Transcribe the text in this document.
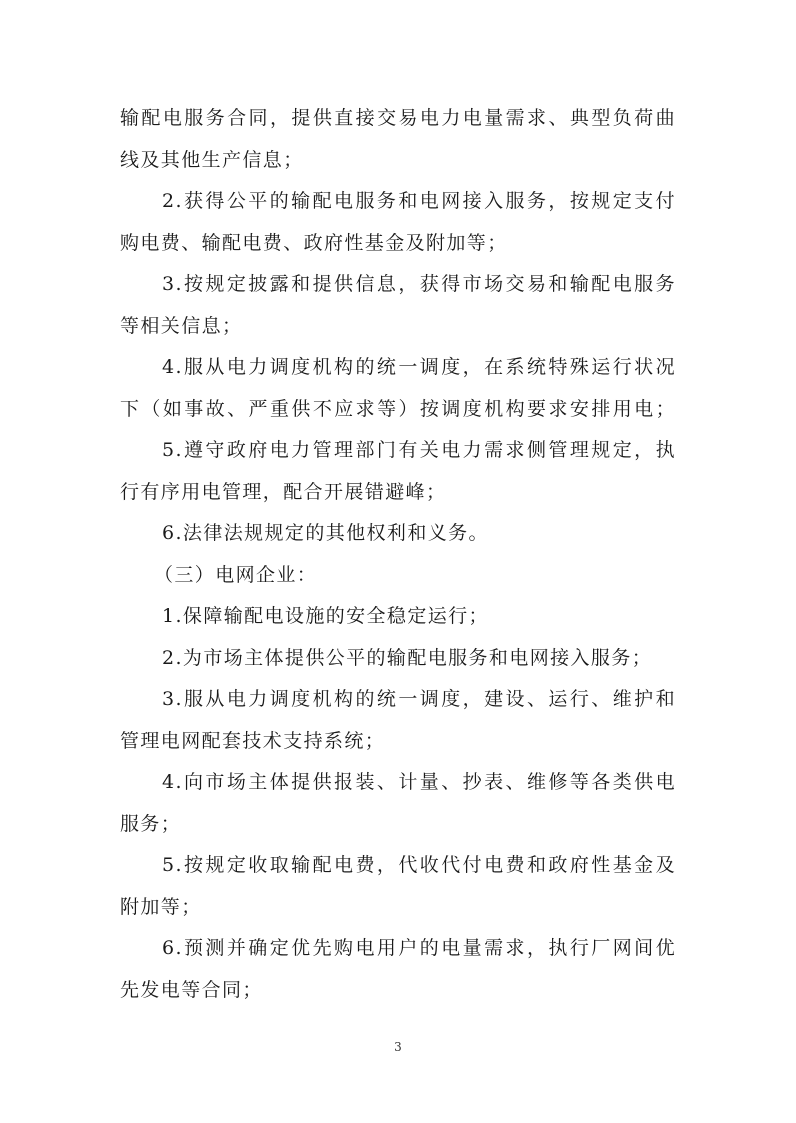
输配电服务合同，提供直接交易电力电量需求、典型负荷曲
线及其他生产信息；
2.获得公平的输配电服务和电网接入服务，按规定支付
购电费、输配电费、政府性基金及附加等；
3.按规定披露和提供信息，获得市场交易和输配电服务
等相关信息；
4.服从电力调度机构的统一调度，在系统特殊运行状况
下（如事故、严重供不应求等）按调度机构要求安排用电；
5.遵守政府电力管理部门有关电力需求侧管理规定，执
行有序用电管理，配合开展错避峰；
6.法律法规规定的其他权利和义务。
（三）电网企业：
1.保障输配电设施的安全稳定运行；
2.为市场主体提供公平的输配电服务和电网接入服务；
3.服从电力调度机构的统一调度，建设、运行、维护和
管理电网配套技术支持系统；
4.向市场主体提供报装、计量、抄表、维修等各类供电
服务；
5.按规定收取输配电费，代收代付电费和政府性基金及
附加等；
6.预测并确定优先购电用户的电量需求，执行厂网间优
先发电等合同；
3
